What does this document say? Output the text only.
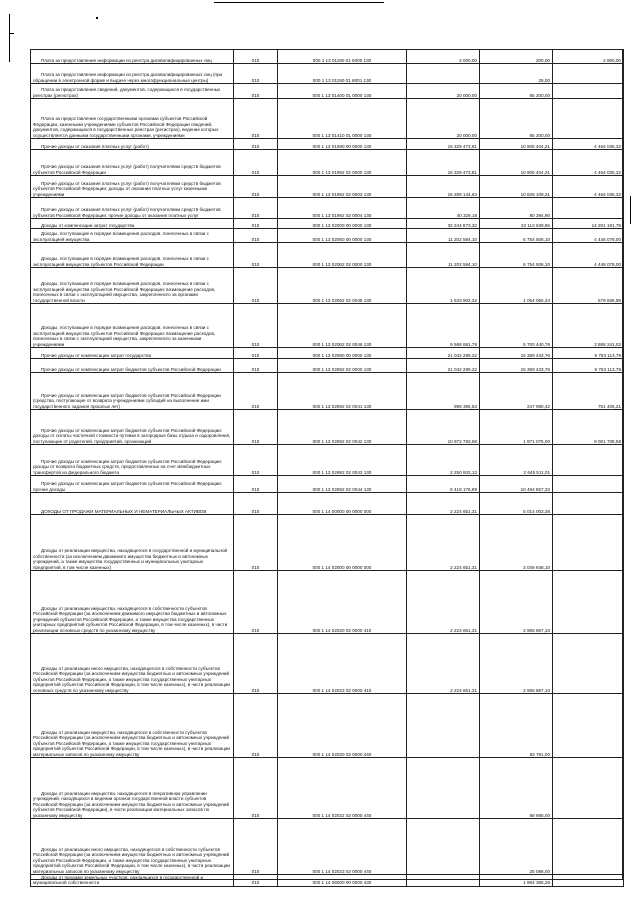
Плата за предоставление информации из реестра дисквалифицированных лиц	010	000 1 13 01190 01 6000 130	3 000,00	200,00	2 800,00
Плата за предоставление информации из реестра дисквалифицированных лиц (при обращении в электронной форме и выдаче через многофункциональные центры)	010	000 1 13 01190 01 8001 130		25,00	
Плата за предоставление сведений, документов, содержащихся в государственных реестрах (регистрах)	010	000 1 13 01400 01 0000 130	20 000,00	65 200,00	
Плата за предоставление государственными органами субъектов Российской Федерации, казенными учреждениями субъектов Российской Федерации сведений, документов, содержащихся в государственных реестрах (регистрах), ведение которых осуществляется данными государственными органами, учреждениями	010	000 1 13 01410 01 0000 130	20 000,00	65 200,00	
Прочие доходы от оказания платных услуг (работ)	010	000 1 13 01990 00 0000 130	15 329 473,81	10 905 404,21	4 464 035,32
Прочие доходы от оказания платных услуг (работ) получателями средств бюджетов субъектов Российской Федерации	010	000 1 13 01992 02 0000 130	15 329 473,81	10 905 404,21	4 464 035,32
Прочие доходы от оказания платных услуг (работ) получателями средств бюджетов субъектов Российской Федерации: доходы от оказания платных услуг казенными учреждениями	010	000 1 13 01992 02 0003 130	15 289 144,63	10 825 109,31	4 464 035,32
Прочие доходы от оказания платных услуг (работ) получателями средств бюджетов субъектов Российской Федерации: прочие доходы от оказания платных услуг	010	000 1 13 01992 02 0004 130	40 329,18	80 294,90	
Доходы от компенсации затрат государства	010	000 1 13 02000 00 0000 130	32 244 873,32	22 113 639,86	14 201 191,79
Доходы, поступающие в порядке возмещения расходов, понесенных в связи с эксплуатацией имущества	010	000 1 13 02060 00 0000 130	11 202 584,10	6 754 506,10	4 448 078,00
Доходы, поступающие в порядке возмещения расходов, понесенных в связи с эксплуатацией имущества субъектов Российской Федерации	010	000 1 13 02062 02 0000 130	11 202 584,10	6 754 506,10	4 448 078,00
Доходы, поступающие в порядке возмещения расходов, понесенных в связи с эксплуатацией имущества субъектов Российской Федерации: возмещение расходов, понесенных в связи с эксплуатацией имущества, закрепленного за органами государственной власти	010	000 1 13 02062 02 0045 130	1 633 902,32	1 054 065,34	579 836,98
Доходы, поступающие в порядке возмещения расходов, понесенных в связи с эксплуатацией имущества субъектов Российской Федерации: возмещение расходов, понесенных в связи с эксплуатацией имущества, закрепленного за казенными учреждениями	010	000 1 13 02062 02 0046 130	9 568 681,78	5 700 440,76	3 868 241,02
Прочие доходы от компенсации затрат государства	010	000 1 13 02990 00 0000 130	21 042 289,22	15 359 433,76	9 753 113,79
Прочие доходы от компенсации затрат бюджетов субъектов Российской Федерации	010	000 1 13 02992 02 0000 130	21 042 289,22	15 359 433,76	9 753 113,79
Прочие доходы от компенсации затрат бюджетов субъектов Российской Федерации (средства, поступающие от возврата учреждениями субсидий на выполнение ими государственного задания прошлых лет)	010	000 1 13 02992 02 0041 130	999 395,63	247 990,42	751 405,21
Прочие доходы от компенсации затрат бюджетов субъектов Российской Федерации: доходы от оплаты частичной стоимости путевки в загородные базы отдыха и оздоровления, поступающие от родителей, предприятий, организаций	010	000 1 13 02992 02 0042 130	10 972 783,58	1 971 075,00	9 001 708,58
Прочие доходы от компенсации затрат бюджетов субъектов Российской Федерации: доходы от возврата бюджетных средств, предоставленных на счет межбюджетных трансфертов из федерального бюджета	010	000 1 13 02992 02 0043 130	2 250 933,12	2 645 511,01	
Прочие доходы от компенсации затрат бюджетов субъектов Российской Федерации: прочие доходы	010	000 1 13 02992 02 0044 130	6 419 176,89	10 494 857,33	
ДОХОДЫ ОТ ПРОДАЖИ МАТЕРИАЛЬНЫХ И НЕМАТЕРИАЛЬНЫХ АКТИВОВ	010	000 1 14 00000 00 0000 000	2 224 651,31	5 014 003,36	
Доходы от реализации имущества, находящегося в государственной и муниципальной собственности (за исключением движимого имущества бюджетных и автономных учреждений, а также имущества государственных и муниципальных унитарных предприятий, в том числе казенных)	010	000 1 14 02000 00 0000 000	2 224 651,31	3 049 648,10	
Доходы от реализации имущества, находящегося в собственности субъектов Российской Федерации (за исключением движимого имущества бюджетных и автономных учреждений субъектов Российской Федерации, а также имущества государственных унитарных предприятий субъектов Российской Федерации, в том числе казенных), в части реализации основных средств по указанному имуществу	010	000 1 14 02020 02 0000 410	2 224 651,31	2 965 867,10	
Доходы от реализации иного имущества, находящегося в собственности субъектов Российской Федерации (за исключением имущества бюджетных и автономных учреждений субъектов Российской Федерации, а также имущества государственных унитарных предприятий субъектов Российской Федерации, в том числе казенных), в части реализации основных средств по указанному имуществу	010	000 1 14 02023 02 0000 410	2 224 651,31	2 965 867,10	
Доходы от реализации имущества, находящегося в собственности субъектов Российской Федерации (за исключением имущества бюджетных и автономных учреждений субъектов Российской Федерации, а также имущества государственных унитарных предприятий субъектов Российской Федерации, в том числе казенных), в части реализации материальных запасов по указанному имуществу	010	000 1 14 02020 02 0000 440		83 781,00	
Доходы от реализации имущества, находящегося в оперативном управлении учреждений, находящихся в ведении органов государственной власти субъектов Российской Федерации (за исключением имущества бюджетных и автономных учреждений субъектов Российской Федерации), в части реализации материальных запасов по указанному имуществу	010	000 1 14 02022 02 0000 440		58 695,00	
Доходы от реализации иного имущества, находящегося в собственности субъектов Российской Федерации (за исключением имущества бюджетных и автономных учреждений субъектов Российской Федерации, а также имущества государственных унитарных предприятий субъектов Российской Федерации, в том числе казенных), в части реализации материальных запасов по указанному имуществу	010	000 1 14 02023 02 0000 440		25 086,00	
Доходы от продажи земельных участков, находящихся в государственной и муниципальной собственности	010	000 1 14 06000 00 0000 430		1 964 355,26	
